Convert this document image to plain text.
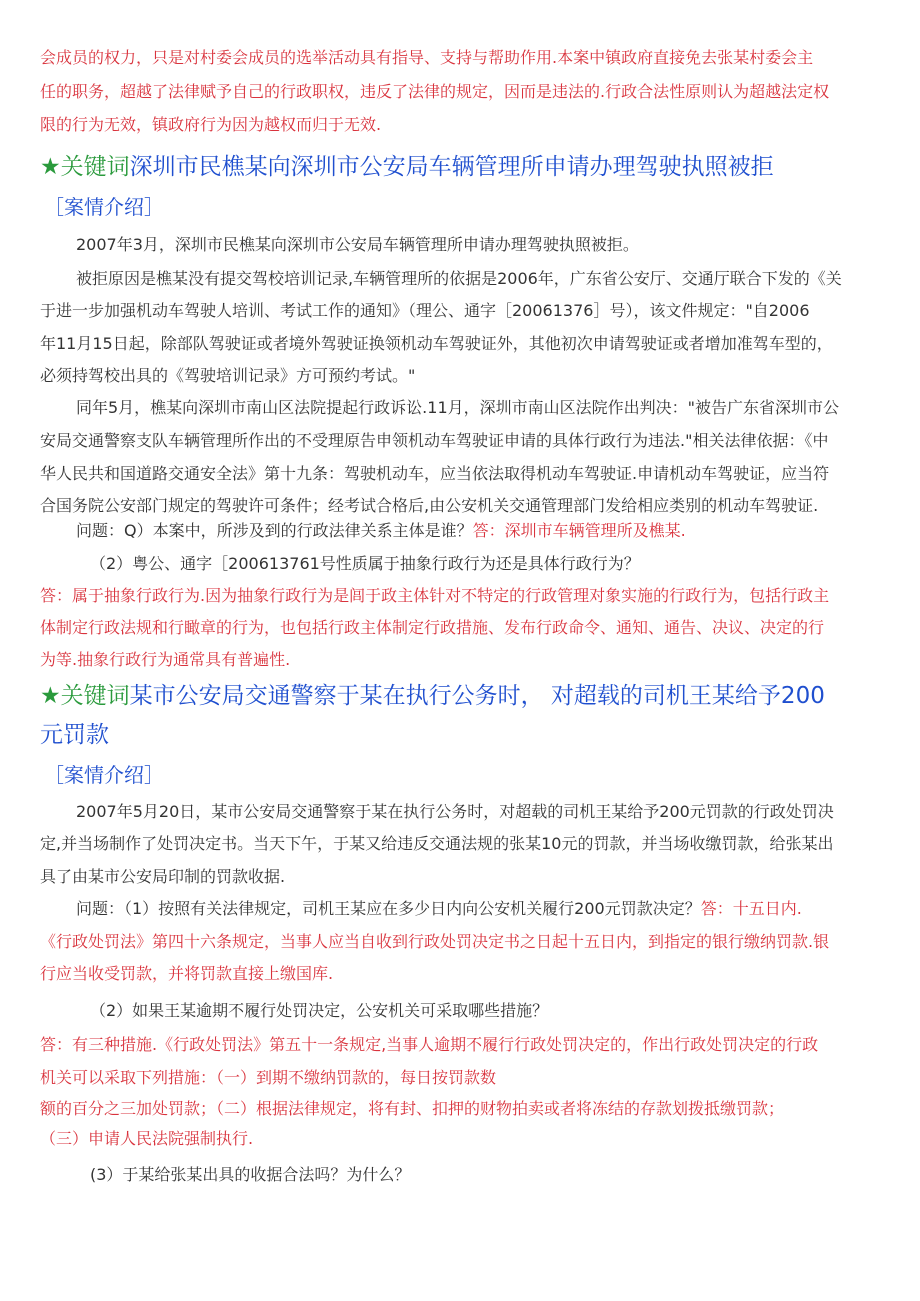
会成员的权力，只是对村委会成员的选举活动具有指导、支持与帮助作用.本案中镇政府直接免去张某村委会主
任的职务，超越了法律赋予自己的行政职权，违反了法律的规定，因而是违法的.行政合法性原则认为超越法定权
限的行为无效，镇政府行为因为越权而归于无效.
★关键词深圳市民樵某向深圳市公安局车辆管理所申请办理驾驶执照被拒
［案情介绍］
2007年3月，深圳市民樵某向深圳市公安局车辆管理所申请办理驾驶执照被拒。
被拒原因是樵某没有提交驾校培训记录,车辆管理所的依据是2006年，广东省公安厅、交通厅联合下发的《关
于进一步加强机动车驾驶人培训、考试工作的通知》（理公、通字［20061376］号），该文件规定："自2006
年11月15日起，除部队驾驶证或者境外驾驶证换领机动车驾驶证外，其他初次申请驾驶证或者增加准驾车型的，
必须持驾校出具的《驾驶培训记录》方可预约考试。"
同年5月，樵某向深圳市南山区法院提起行政诉讼.11月，深圳市南山区法院作出判决："被告广东省深圳市公
安局交通警察支队车辆管理所作出的不受理原告申领机动车驾驶证申请的具体行政行为违法."相关法律依据：《中
华人民共和国道路交通安全法》第十九条：驾驶机动车，应当依法取得机动车驾驶证.申请机动车驾驶证，应当符
合国务院公安部门规定的驾驶许可条件；经考试合格后,由公安机关交通管理部门发给相应类别的机动车驾驶证.
问题：Q）本案中，所涉及到的行政法律关系主体是谁？答：深圳市车辆管理所及樵某.
（2）粤公、通字［200613761号性质属于抽象行政行为还是具体行政行为？
答：属于抽象行政行为.因为抽象行政行为是闾于政主体针对不特定的行政管理对象实施的行政行为，包括行政主
体制定行政法规和行瞰章的行为，也包括行政主体制定行政措施、发布行政命令、通知、通告、决议、决定的行
为等.抽象行政行为通常具有普遍性.
★关键词某市公安局交通警察于某在执行公务时， 对超载的司机王某给予200
元罚款
［案情介绍］
2007年5月20日，某市公安局交通警察于某在执行公务时，对超载的司机王某给予200元罚款的行政处罚决
定,并当场制作了处罚决定书。当天下午，于某又给违反交通法规的张某10元的罚款，并当场收缴罚款，给张某出
具了由某市公安局印制的罚款收据.
问题：（1）按照有关法律规定，司机王某应在多少日内向公安机关履行200元罚款决定？答：十五日内.
《行政处罚法》第四十六条规定，当事人应当自收到行政处罚决定书之日起十五日内，到指定的银行缴纳罚款.银
行应当收受罚款，并将罚款直接上缴国库.
（2）如果王某逾期不履行处罚决定，公安机关可采取哪些措施？
答：有三种措施.《行政处罚法》第五十一条规定,当事人逾期不履行行政处罚决定的，作出行政处罚决定的行政
机关可以采取下列措施：（一）到期不缴纳罚款的，每日按罚款数
额的百分之三加处罚款；（二）根据法律规定，将有封、扣押的财物拍卖或者将冻结的存款划拨抵缴罚款；
（三）申请人民法院强制执行.
(3）于某给张某出具的收据合法吗？为什么？
